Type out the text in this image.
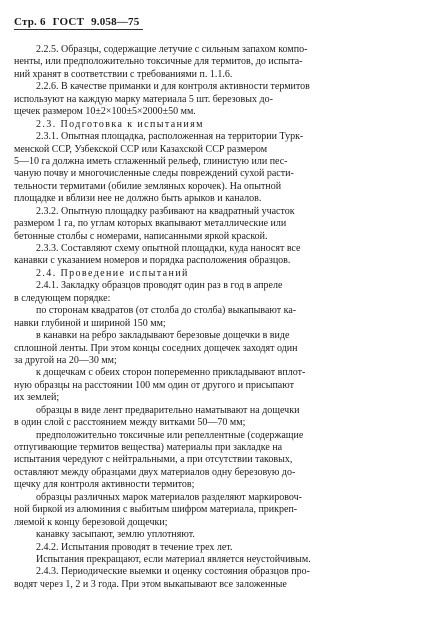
Стр. 6 ГОСТ 9.058—75
2.2.5. Образцы, содержащие летучие с сильным запахом компо-
ненты, или предположительно токсичные для термитов, до испыта-
ний хранят в соответствии с требованиями п. 1.1.6.
2.2.6. В качестве приманки и для контроля активности термитов
используют на каждую марку материала 5 шт. березовых до-
щечек размером 10±2×100±5×2000±50 мм.
2.3. Подготовка к испытаниям
2.3.1. Опытная площадка, расположенная на территории Турк-
менской ССР, Узбекской ССР или Казахской ССР размером
5—10 га должна иметь сглаженный рельеф, глинистую или пес-
чаную почву и многочисленные следы повреждений сухой расти-
тельности термитами (обилие земляных корочек). На опытной
площадке и вблизи нее не должно быть арыков и каналов.
2.3.2. Опытную площадку разбивают на квадратный участок
размером 1 га, по углам которых вкапывают металлические или
бетонные столбы с номерами, написанными яркой краской.
2.3.3. Составляют схему опытной площадки, куда наносят все
канавки с указанием номеров и порядка расположения образцов.
2.4. Проведение испытаний
2.4.1. Закладку образцов проводят один раз в год в апреле
в следующем порядке:
по сторонам квадратов (от столба до столба) выкапывают ка-
навки глубиной и шириной 150 мм;
в канавки на ребро закладывают березовые дощечки в виде
сплошной ленты. При этом концы соседних дощечек заходят один
за другой на 20—30 мм;
к дощечкам с обеих сторон попеременно прикладывают вплот-
ную образцы на расстоянии 100 мм один от другого и присыпают
их землей;
образцы в виде лент предварительно наматывают на дощечки
в один слой с расстоянием между витками 50—70 мм;
предположительно токсичные или репеллентные (содержащие
отпугивающие термитов вещества) материалы при закладке на
испытания чередуют с нейтральными, а при отсутствии таковых,
оставляют между образцами двух материалов одну березовую до-
щечку для контроля активности термитов;
образцы различных марок материалов разделяют маркировоч-
ной биркой из алюминия с выбитым шифром материала, прикреп-
ляемой к концу березовой дощечки;
канавку засыпают, землю уплотняют.
2.4.2. Испытания проводят в течение трех лет.
Испытания прекращают, если материал является неустойчивым.
2.4.3. Периодические выемки и оценку состояния образцов про-
водят через 1, 2 и 3 года. При этом выкапывают все заложенные
